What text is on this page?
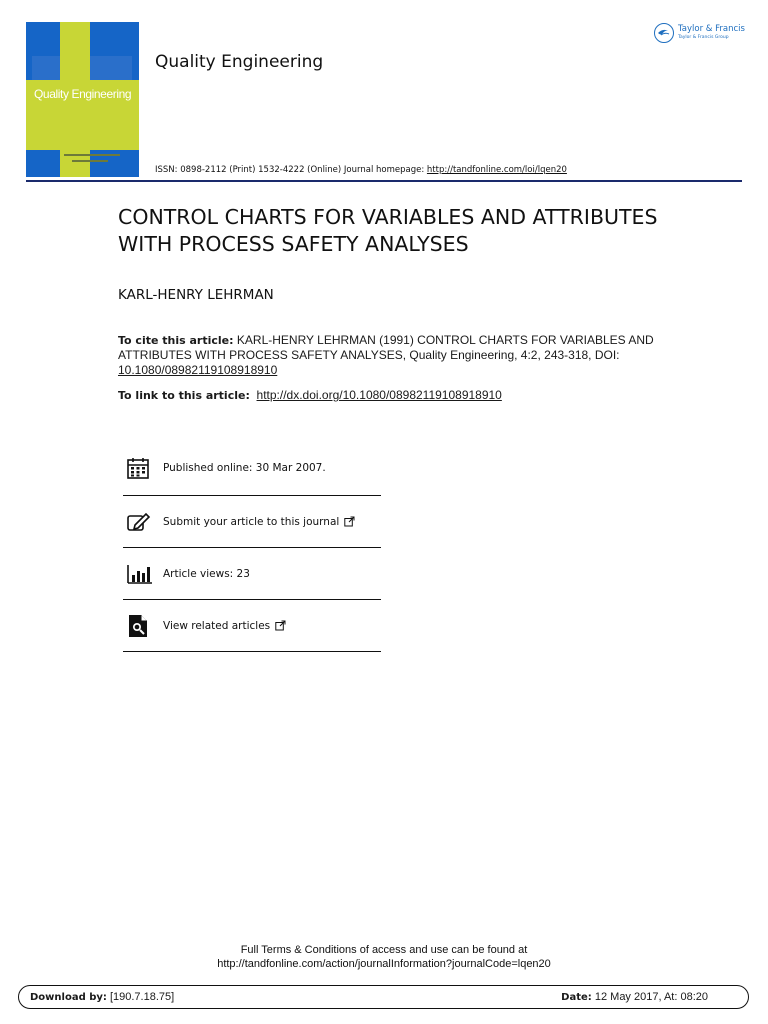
Quality Engineering
Quality Engineering
ISSN: 0898-2112 (Print) 1532-4222 (Online) Journal homepage: http://tandfonline.com/loi/lqen20
Taylor & Francis
Taylor & Francis Group
CONTROL CHARTS FOR VARIABLES AND ATTRIBUTES WITH PROCESS SAFETY ANALYSES
KARL-HENRY LEHRMAN
To cite this article: KARL-HENRY LEHRMAN (1991) CONTROL CHARTS FOR VARIABLES AND ATTRIBUTES WITH PROCESS SAFETY ANALYSES, Quality Engineering, 4:2, 243-318, DOI:
10.1080/08982119108918910
To link to this article: http://dx.doi.org/10.1080/08982119108918910
Published online: 30 Mar 2007.
Submit your article to this journal
Article views: 23
View related articles
Full Terms & Conditions of access and use can be found at
http://tandfonline.com/action/journalInformation?journalCode=lqen20
Download by: [190.7.18.75]	Date: 12 May 2017, At: 08:20
